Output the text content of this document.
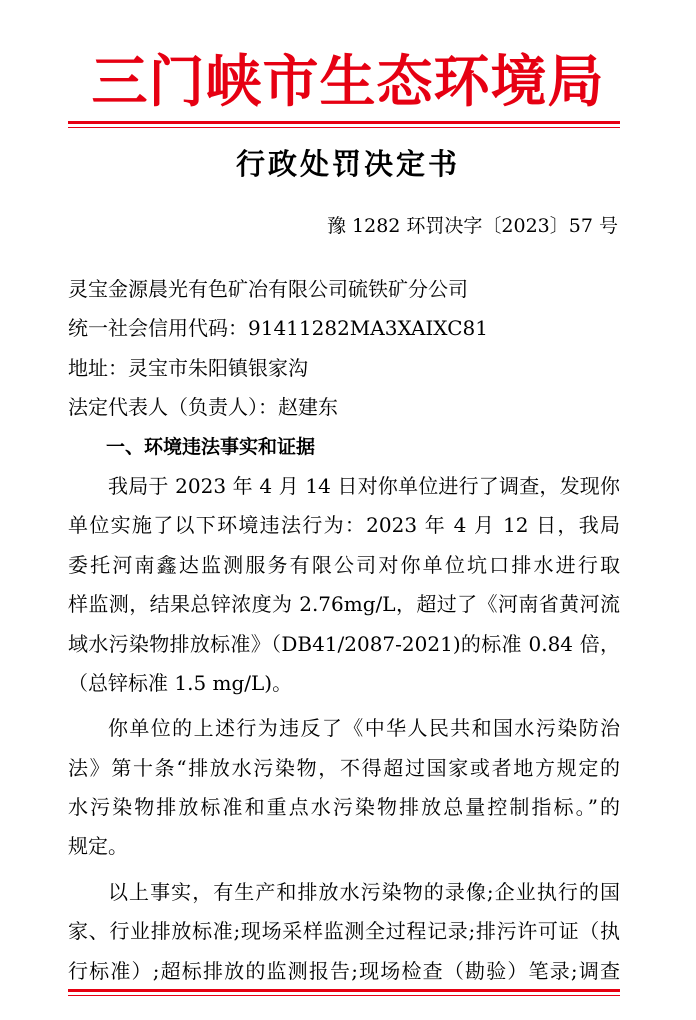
三门峡市生态环境局
行政处罚决定书
豫 1282 环罚决字〔2023〕57 号
灵宝金源晨光有色矿冶有限公司硫铁矿分公司
统一社会信用代码：91411282MA3XAIXC81
地址：灵宝市朱阳镇银家沟
法定代表人（负责人）：赵建东
一、环境违法事实和证据
我局于 2023 年 4 月 14 日对你单位进行了调查，发现你
单位实施了以下环境违法行为：2023 年 4 月 12 日，我局
委托河南鑫达监测服务有限公司对你单位坑口排水进行取
样监测，结果总锌浓度为 2.76mg/L，超过了《河南省黄河流
域水污染物排放标准》（DB41/2087-2021)的标准 0.84 倍，
（总锌标准 1.5 mg/L)。
你单位的上述行为违反了《中华人民共和国水污染防治
法》第十条“排放水污染物，不得超过国家或者地方规定的
水污染物排放标准和重点水污染物排放总量控制指标。”的
规定。
以上事实，有生产和排放水污染物的录像;企业执行的国
家、行业排放标准;现场采样监测全过程记录;排污许可证（执
行标准）;超标排放的监测报告;现场检查（勘验）笔录;调查
